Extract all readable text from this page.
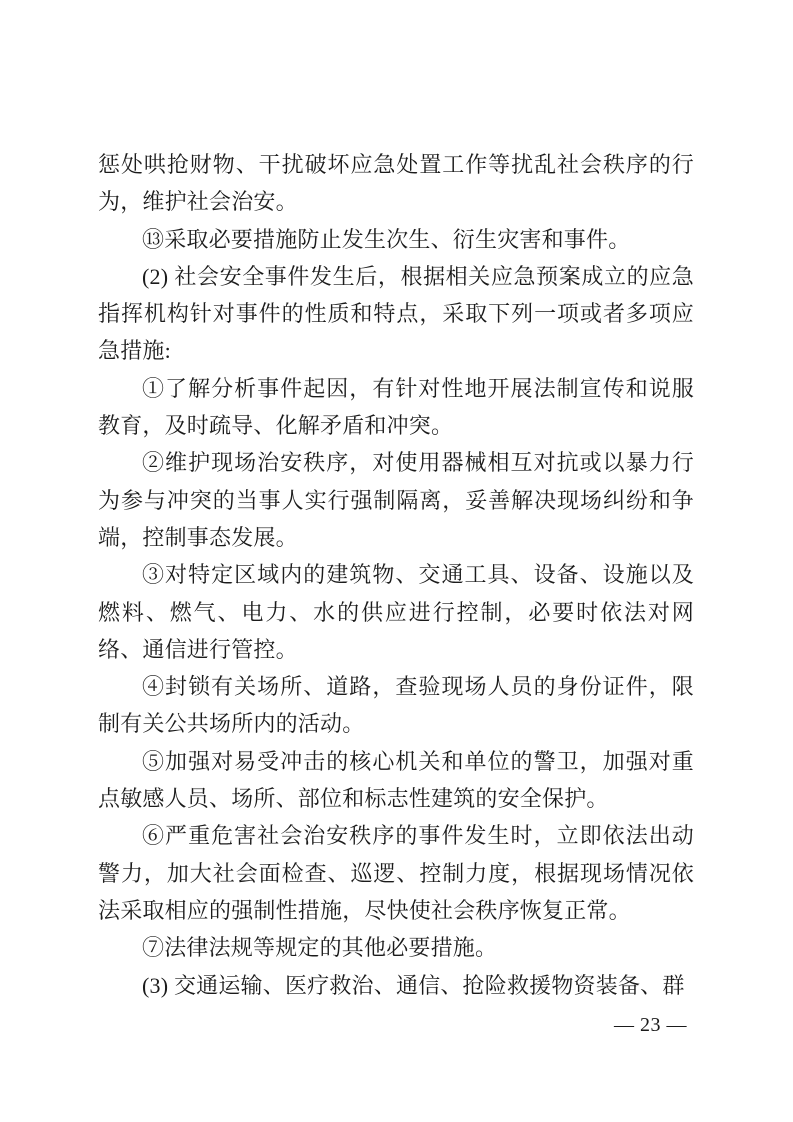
惩处哄抢财物、干扰破坏应急处置工作等扰乱社会秩序的行为，维护社会治安。

⑬采取必要措施防止发生次生、衍生灾害和事件。

(2) 社会安全事件发生后，根据相关应急预案成立的应急指挥机构针对事件的性质和特点，采取下列一项或者多项应急措施:

①了解分析事件起因，有针对性地开展法制宣传和说服教育，及时疏导、化解矛盾和冲突。

②维护现场治安秩序，对使用器械相互对抗或以暴力行为参与冲突的当事人实行强制隔离，妥善解决现场纠纷和争端，控制事态发展。

③对特定区域内的建筑物、交通工具、设备、设施以及燃料、燃气、电力、水的供应进行控制，必要时依法对网络、通信进行管控。

④封锁有关场所、道路，查验现场人员的身份证件，限制有关公共场所内的活动。

⑤加强对易受冲击的核心机关和单位的警卫，加强对重点敏感人员、场所、部位和标志性建筑的安全保护。

⑥严重危害社会治安秩序的事件发生时，立即依法出动警力，加大社会面检查、巡逻、控制力度，根据现场情况依法采取相应的强制性措施，尽快使社会秩序恢复正常。

⑦法律法规等规定的其他必要措施。

(3) 交通运输、医疗救治、通信、抢险救援物资装备、群

— 23 —
